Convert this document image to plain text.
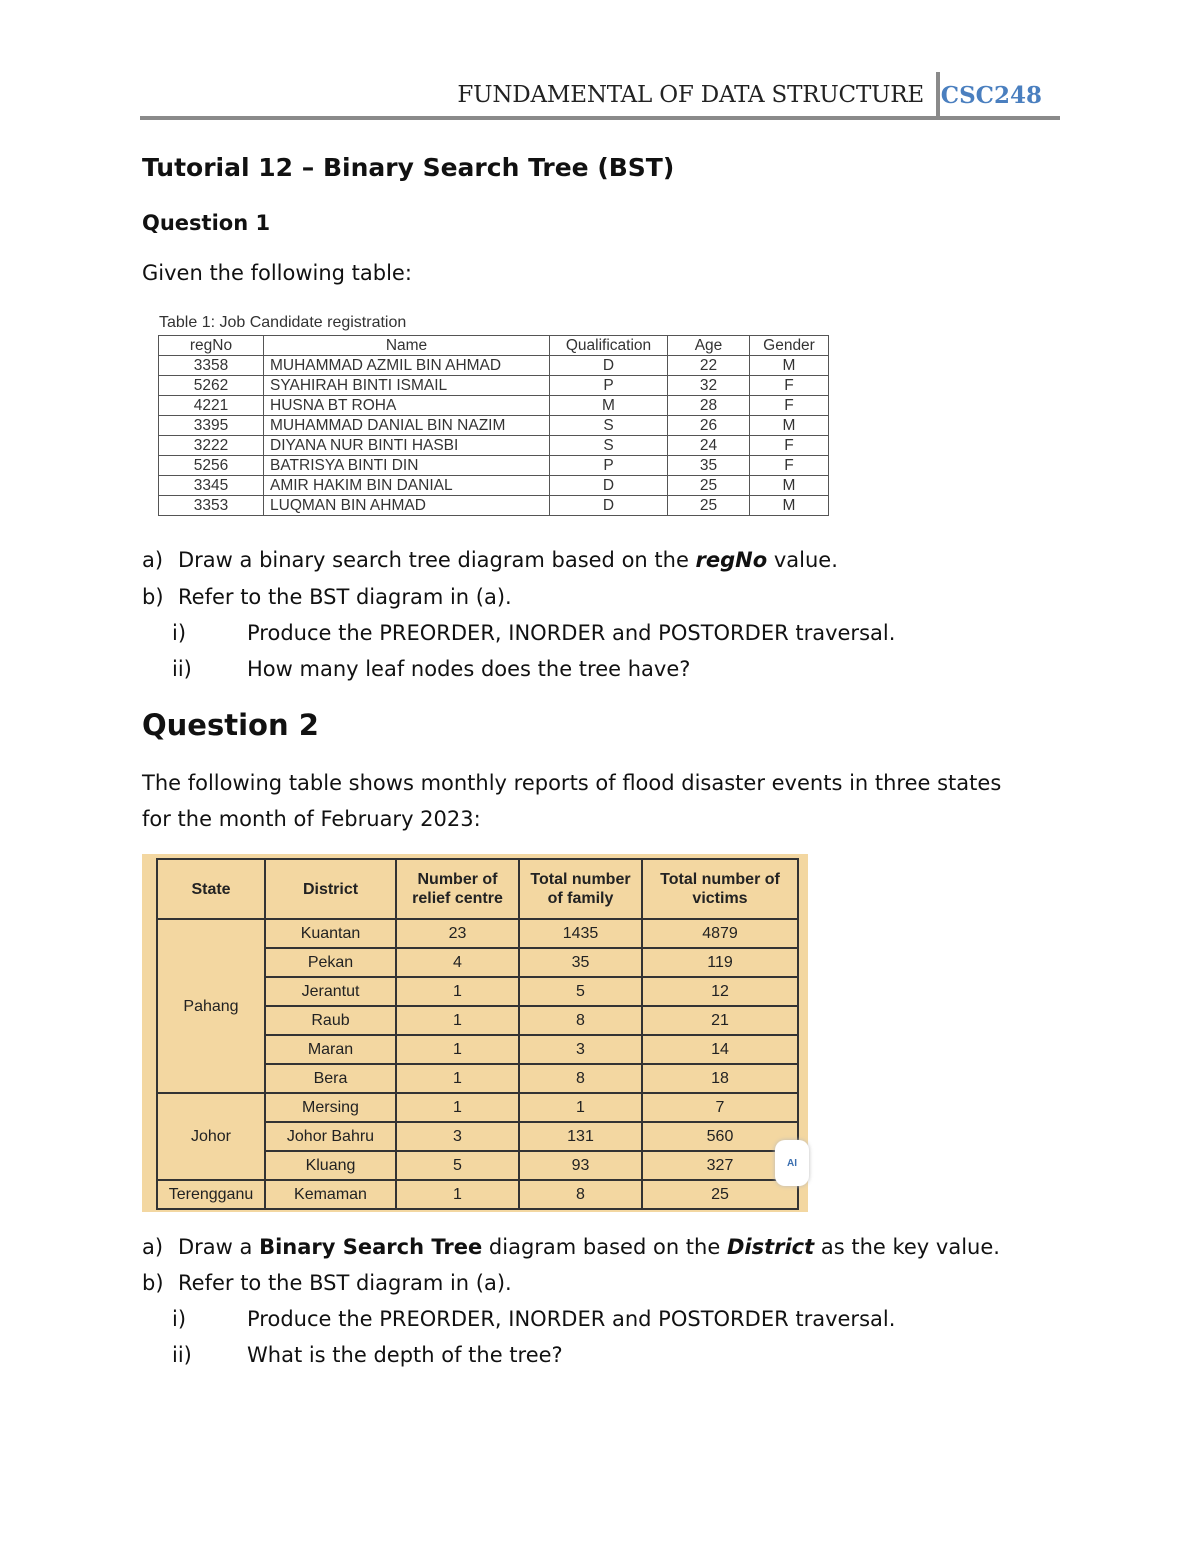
FUNDAMENTAL OF DATA STRUCTURE CSC248
Tutorial 12 – Binary Search Tree (BST)
Question 1
Given the following table:
Table 1: Job Candidate registration
regNo	Name	Qualification	Age	Gender
3358	MUHAMMAD AZMIL BIN AHMAD	D	22	M
5262	SYAHIRAH BINTI ISMAIL	P	32	F
4221	HUSNA BT ROHA	M	28	F
3395	MUHAMMAD DANIAL BIN NAZIM	S	26	M
3222	DIYANA NUR BINTI HASBI	S	24	F
5256	BATRISYA BINTI DIN	P	35	F
3345	AMIR HAKIM BIN DANIAL	D	25	M
3353	LUQMAN BIN AHMAD	D	25	M
a) Draw a binary search tree diagram based on the regNo value.
b) Refer to the BST diagram in (a).
i)	Produce the PREORDER, INORDER and POSTORDER traversal.
ii)	How many leaf nodes does the tree have?
Question 2
The following table shows monthly reports of flood disaster events in three states
for the month of February 2023:
State	District	Number of relief centre	Total number of family	Total number of victims
Pahang	Kuantan	23	1435	4879
	Pekan	4	35	119
	Jerantut	1	5	12
	Raub	1	8	21
	Maran	1	3	14
	Bera	1	8	18
Johor	Mersing	1	1	7
	Johor Bahru	3	131	560
	Kluang	5	93	327
Terengganu	Kemaman	1	8	25
AI
a) Draw a Binary Search Tree diagram based on the District as the key value.
b) Refer to the BST diagram in (a).
i)	Produce the PREORDER, INORDER and POSTORDER traversal.
ii)	What is the depth of the tree?
